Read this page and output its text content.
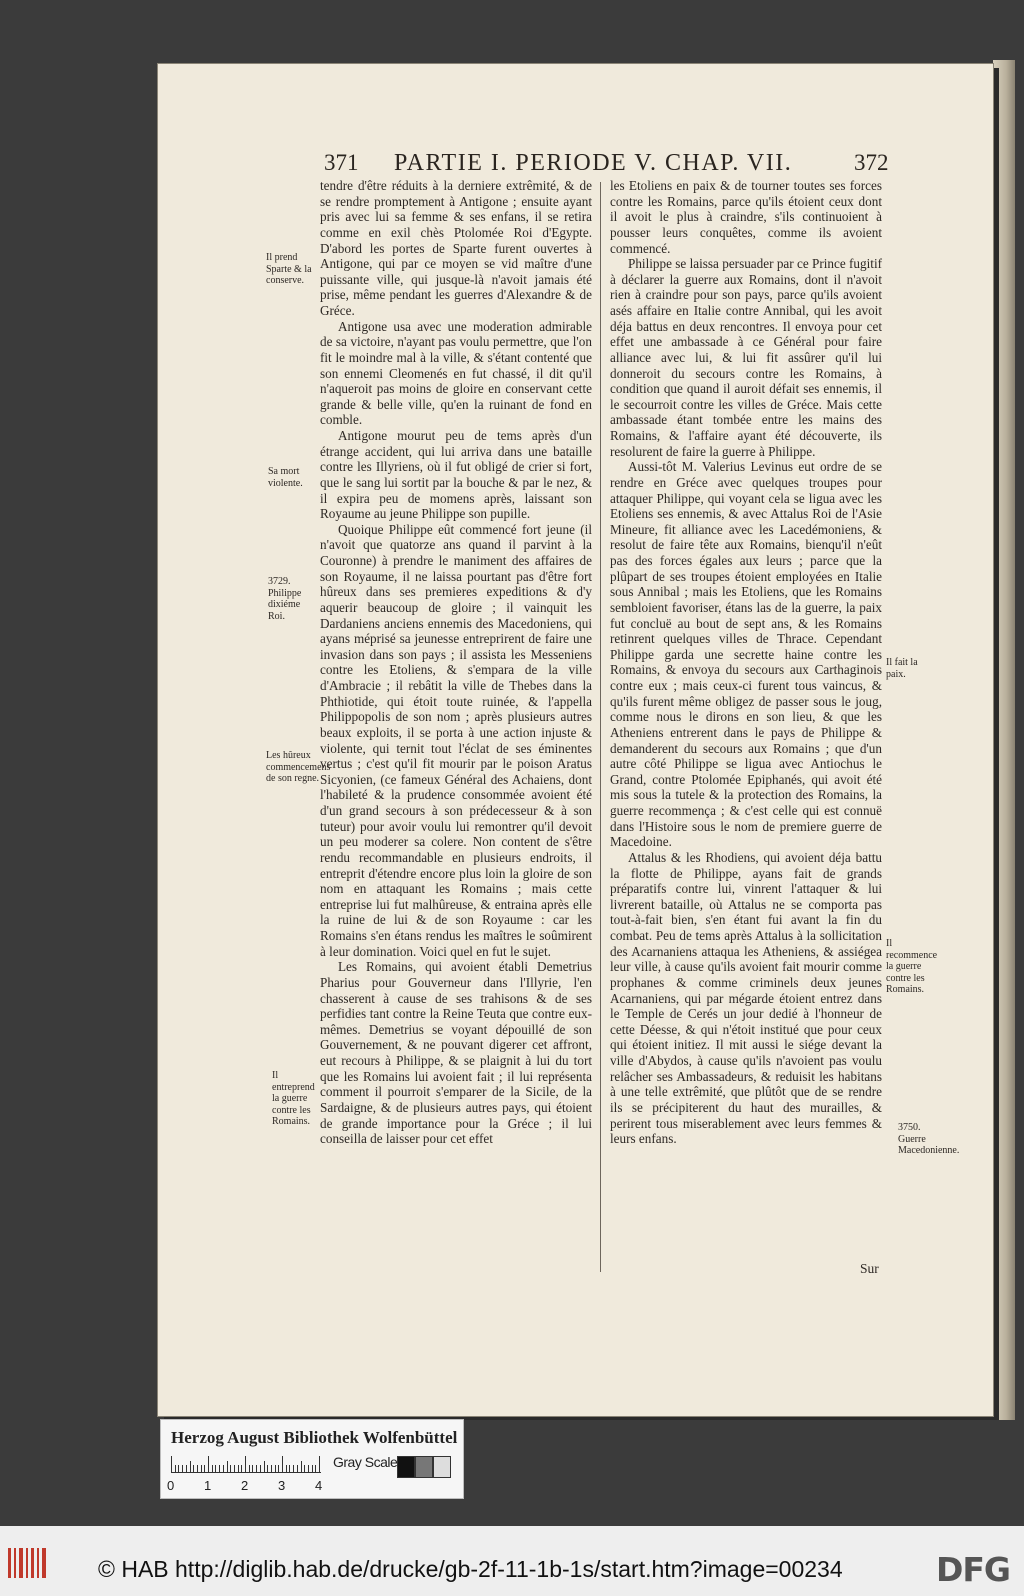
371 PARTIE I. PERIODE V. CHAP. VII.	372

tendre d'être réduits à la derniere extrêmité, & de se rendre promptement à Antigone ; ensuite ayant pris avec lui sa femme & ses enfans, il se retira comme en exil chès Ptolomée Roi d'Egypte. D'abord les portes de Sparte furent ouvertes à Antigone, qui par ce moyen se vid maître d'une puissante ville, qui jusque-là n'avoit jamais été prise, même pendant les guerres d'Alexandre & de Gréce.

Antigone usa avec une moderation admirable de sa victoire, n'ayant pas voulu permettre, que l'on fit le moindre mal à la ville, & s'étant contenté que son ennemi Cleomenés en fut chassé, il dit qu'il n'aqueroit pas moins de gloire en conservant cette grande & belle ville, qu'en la ruinant de fond en comble.

Antigone mourut peu de tems après d'un étrange accident, qui lui arriva dans une bataille contre les Illyriens, où il fut obligé de crier si fort, que le sang lui sortit par la bouche & par le nez, & il expira peu de momens après, laissant son Royaume au jeune Philippe son pupille.

Quoique Philippe eût commencé fort jeune (il n'avoit que quatorze ans quand il parvint à la Couronne) à prendre le maniment des affaires de son Royaume, il ne laissa pourtant pas d'être fort hûreux dans ses premieres expeditions & d'y aquerir beaucoup de gloire ; il vainquit les Dardaniens anciens ennemis des Macedoniens, qui ayans méprisé sa jeunesse entreprirent de faire une invasion dans son pays ; il assista les Messeniens contre les Etoliens, & s'empara de la ville d'Ambracie ; il rebâtit la ville de Thebes dans la Phthiotide, qui étoit toute ruinée, & l'appella Philippopolis de son nom ; après plusieurs autres beaux exploits, il se porta à une action injuste & violente, qui ternit tout l'éclat de ses éminentes vertus ; c'est qu'il fit mourir par le poison Aratus Sicyonien, (ce fameux Général des Achaiens, dont l'habileté & la prudence consommée avoient été d'un grand secours à son prédecesseur & à son tuteur) pour avoir voulu lui remontrer qu'il devoit un peu moderer sa colere. Non content de s'être rendu recommandable en plusieurs endroits, il entreprit d'étendre encore plus loin la gloire de son nom en attaquant les Romains ; mais cette entreprise lui fut malhûreuse, & entraina après elle la ruine de lui & de son Royaume : car les Romains s'en étans rendus les maîtres le soûmirent à leur domination. Voici quel en fut le sujet.

Les Romains, qui avoient établi Demetrius Pharius pour Gouverneur dans l'Illyrie, l'en chasserent à cause de ses trahisons & de ses perfidies tant contre la Reine Teuta que contre eux-mêmes. Demetrius se voyant dépouillé de son Gouvernement, & ne pouvant digerer cet affront, eut recours à Philippe, & se plaignit à lui du tort que les Romains lui avoient fait ; il lui représenta comment il pourroit s'emparer de la Sicile, de la Sardaigne, & de plusieurs autres pays, qui étoient de grande importance pour la Gréce ; il lui conseilla de laisser pour cet effet

les Etoliens en paix & de tourner toutes ses forces contre les Romains, parce qu'ils étoient ceux dont il avoit le plus à craindre, s'ils continuoient à pousser leurs conquêtes, comme ils avoient commencé.

Philippe se laissa persuader par ce Prince fugitif à déclarer la guerre aux Romains, dont il n'avoit rien à craindre pour son pays, parce qu'ils avoient asés affaire en Italie contre Annibal, qui les avoit déja battus en deux rencontres. Il envoya pour cet effet une ambassade à ce Général pour faire alliance avec lui, & lui fit assûrer qu'il lui donneroit du secours contre les Romains, à condition que quand il auroit défait ses ennemis, il le secourroit contre les villes de Gréce. Mais cette ambassade étant tombée entre les mains des Romains, & l'affaire ayant été découverte, ils resolurent de faire la guerre à Philippe.

Aussi-tôt M. Valerius Levinus eut ordre de se rendre en Gréce avec quelques troupes pour attaquer Philippe, qui voyant cela se ligua avec les Etoliens ses ennemis, & avec Attalus Roi de l'Asie Mineure, fit alliance avec les Lacedémoniens, & resolut de faire tête aux Romains, bienqu'il n'eût pas des forces égales aux leurs ; parce que la plûpart de ses troupes étoient employées en Italie sous Annibal ; mais les Etoliens, que les Romains sembloient favoriser, étans las de la guerre, la paix fut concluë au bout de sept ans, & les Romains retinrent quelques villes de Thrace. Cependant Philippe garda une secrette haine contre les Romains, & envoya du secours aux Carthaginois contre eux ; mais ceux-ci furent tous vaincus, & qu'ils furent même obligez de passer sous le joug, comme nous le dirons en son lieu, & que les Atheniens entrerent dans le pays de Philippe & demanderent du secours aux Romains ; que d'un autre côté Philippe se ligua avec Antiochus le Grand, contre Ptolomée Epiphanés, qui avoit été mis sous la tutele & la protection des Romains, la guerre recommença ; & c'est celle qui est connuë dans l'Histoire sous le nom de premiere guerre de Macedoine.

Attalus & les Rhodiens, qui avoient déja battu la flotte de Philippe, ayans fait de grands préparatifs contre lui, vinrent l'attaquer & lui livrerent bataille, où Attalus ne se comporta pas tout-à-fait bien, s'en étant fui avant la fin du combat. Peu de tems après Attalus à la sollicitation des Acarnaniens attaqua les Atheniens, & assiégea leur ville, à cause qu'ils avoient fait mourir comme prophanes & comme criminels deux jeunes Acarnaniens, qui par mégarde étoient entrez dans le Temple de Cerés un jour dedié à l'honneur de cette Déesse, & qui n'étoit institué que pour ceux qui étoient initiez. Il mit aussi le siége devant la ville d'Abydos, à cause qu'ils n'avoient pas voulu relâcher ses Ambassadeurs, & reduisit les habitans à une telle extrêmité, que plûtôt que de se rendre ils se précipiterent du haut des murailles, & perirent tous miserablement avec leurs femmes & leurs enfans.

Il prend Sparte & la conserve.
Sa mort violente.
3729. Philippe dixiéme Roi.
Les hûreux commencemens de son regne.
Il entreprend la guerre contre les Romains.
Il fait la paix.
Il recommence la guerre contre les Romains.
3750. Guerre Macedonienne.
Sur
Herzog August Bibliothek Wolfenbüttel
0 1 2 3 4
Gray Scale
© HAB http://diglib.hab.de/drucke/gb-2f-11-1b-1s/start.htm?image=00234	DFG
